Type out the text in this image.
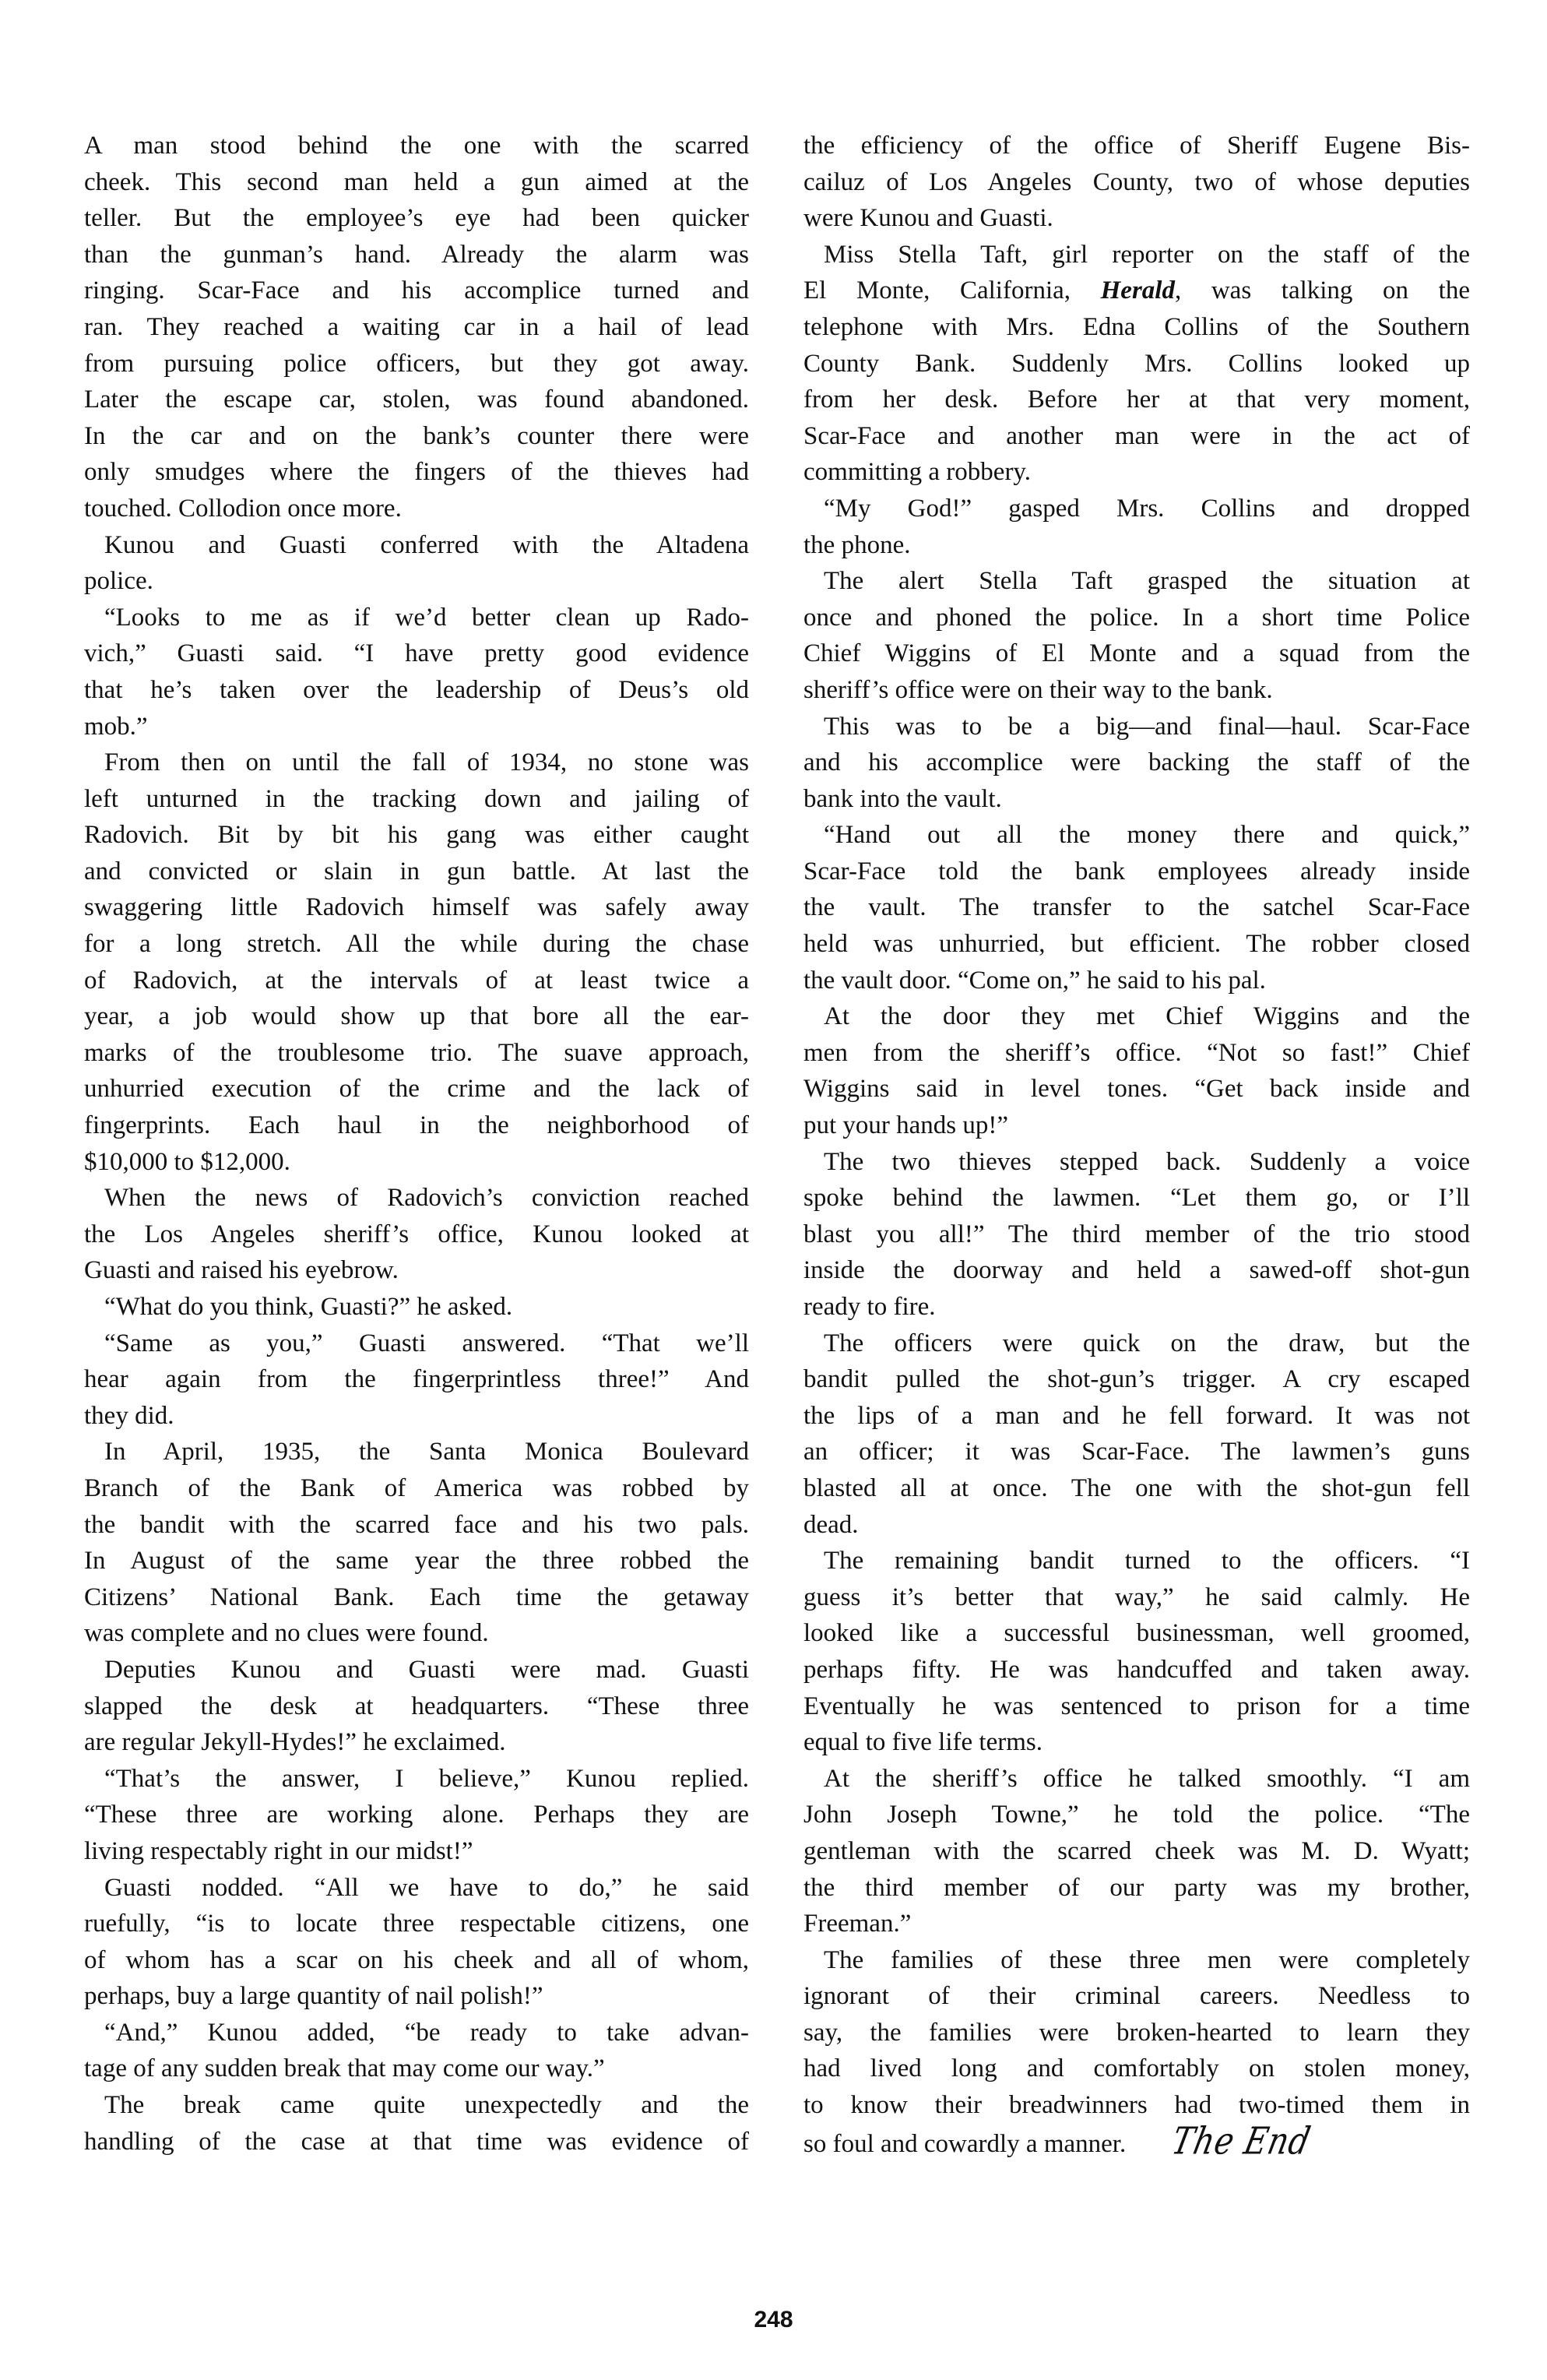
A man stood behind the one with the scarred
cheek. This second man held a gun aimed at the
teller. But the employee’s eye had been quicker
than the gunman’s hand. Already the alarm was
ringing. Scar-Face and his accomplice turned and
ran. They reached a waiting car in a hail of lead
from pursuing police officers, but they got away.
Later the escape car, stolen, was found abandoned.
In the car and on the bank’s counter there were
only smudges where the fingers of the thieves had
touched. Collodion once more.
Kunou and Guasti conferred with the Altadena
police.
“Looks to me as if we’d better clean up Rado-
vich,” Guasti said. “I have pretty good evidence
that he’s taken over the leadership of Deus’s old
mob.”
From then on until the fall of 1934, no stone was
left unturned in the tracking down and jailing of
Radovich. Bit by bit his gang was either caught
and convicted or slain in gun battle. At last the
swaggering little Radovich himself was safely away
for a long stretch. All the while during the chase
of Radovich, at the intervals of at least twice a
year, a job would show up that bore all the ear-
marks of the troublesome trio. The suave approach,
unhurried execution of the crime and the lack of
fingerprints. Each haul in the neighborhood of
$10,000 to $12,000.
When the news of Radovich’s conviction reached
the Los Angeles sheriff’s office, Kunou looked at
Guasti and raised his eyebrow.
“What do you think, Guasti?” he asked.
“Same as you,” Guasti answered. “That we’ll
hear again from the fingerprintless three!” And
they did.
In April, 1935, the Santa Monica Boulevard
Branch of the Bank of America was robbed by
the bandit with the scarred face and his two pals.
In August of the same year the three robbed the
Citizens’ National Bank. Each time the getaway
was complete and no clues were found.
Deputies Kunou and Guasti were mad. Guasti
slapped the desk at headquarters. “These three
are regular Jekyll-Hydes!” he exclaimed.
“That’s the answer, I believe,” Kunou replied.
“These three are working alone. Perhaps they are
living respectably right in our midst!”
Guasti nodded. “All we have to do,” he said
ruefully, “is to locate three respectable citizens, one
of whom has a scar on his cheek and all of whom,
perhaps, buy a large quantity of nail polish!”
“And,” Kunou added, “be ready to take advan-
tage of any sudden break that may come our way.”
The break came quite unexpectedly and the
handling of the case at that time was evidence of
the efficiency of the office of Sheriff Eugene Bis-
cailuz of Los Angeles County, two of whose deputies
were Kunou and Guasti.
Miss Stella Taft, girl reporter on the staff of the
El Monte, California, Herald, was talking on the
telephone with Mrs. Edna Collins of the Southern
County Bank. Suddenly Mrs. Collins looked up
from her desk. Before her at that very moment,
Scar-Face and another man were in the act of
committing a robbery.
“My God!” gasped Mrs. Collins and dropped
the phone.
The alert Stella Taft grasped the situation at
once and phoned the police. In a short time Police
Chief Wiggins of El Monte and a squad from the
sheriff’s office were on their way to the bank.
This was to be a big—and final—haul. Scar-Face
and his accomplice were backing the staff of the
bank into the vault.
“Hand out all the money there and quick,”
Scar-Face told the bank employees already inside
the vault. The transfer to the satchel Scar-Face
held was unhurried, but efficient. The robber closed
the vault door. “Come on,” he said to his pal.
At the door they met Chief Wiggins and the
men from the sheriff’s office. “Not so fast!” Chief
Wiggins said in level tones. “Get back inside and
put your hands up!”
The two thieves stepped back. Suddenly a voice
spoke behind the lawmen. “Let them go, or I’ll
blast you all!” The third member of the trio stood
inside the doorway and held a sawed-off shot-gun
ready to fire.
The officers were quick on the draw, but the
bandit pulled the shot-gun’s trigger. A cry escaped
the lips of a man and he fell forward. It was not
an officer; it was Scar-Face. The lawmen’s guns
blasted all at once. The one with the shot-gun fell
dead.
The remaining bandit turned to the officers. “I
guess it’s better that way,” he said calmly. He
looked like a successful businessman, well groomed,
perhaps fifty. He was handcuffed and taken away.
Eventually he was sentenced to prison for a time
equal to five life terms.
At the sheriff’s office he talked smoothly. “I am
John Joseph Towne,” he told the police. “The
gentleman with the scarred cheek was M. D. Wyatt;
the third member of our party was my brother,
Freeman.”
The families of these three men were completely
ignorant of their criminal careers. Needless to
say, the families were broken-hearted to learn they
had lived long and comfortably on stolen money,
to know their breadwinners had two-timed them in
so foul and cowardly a manner. The End
248
